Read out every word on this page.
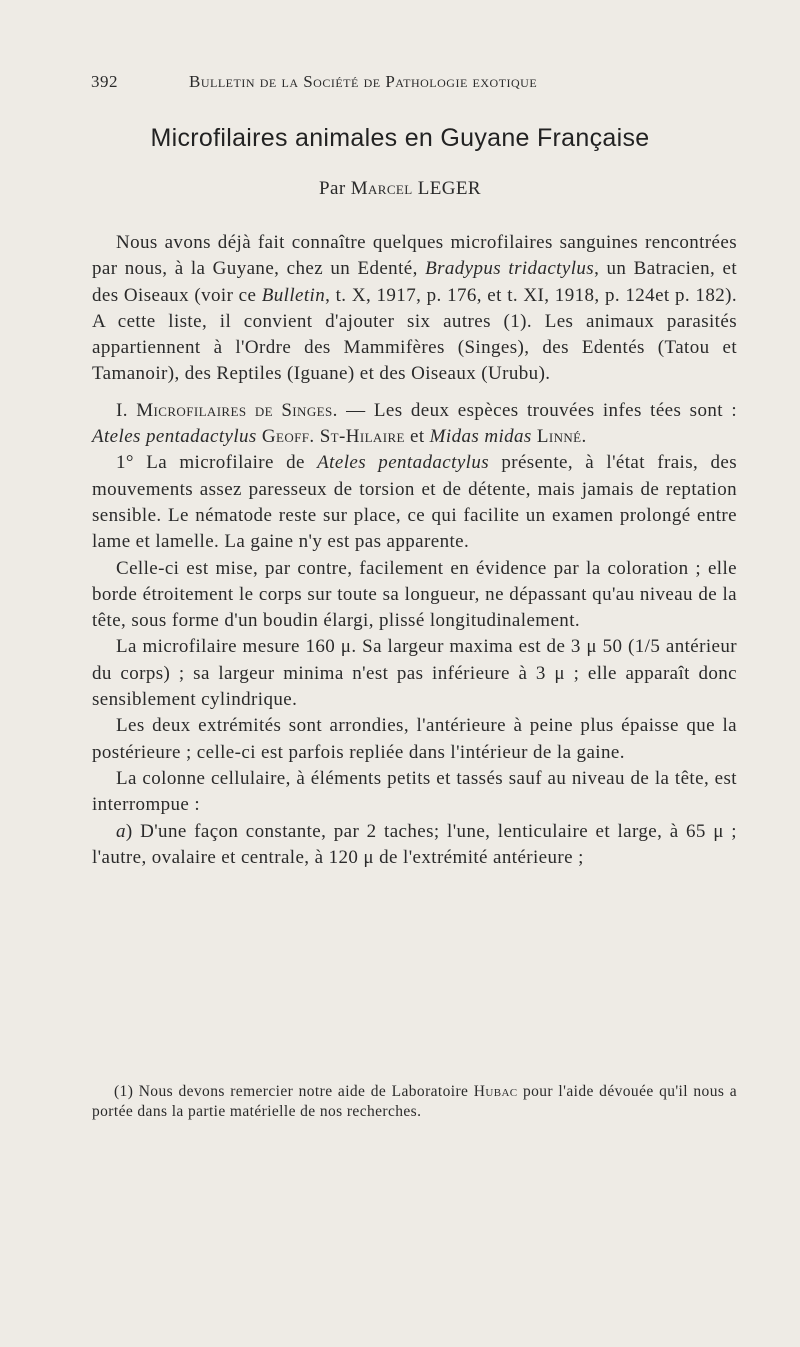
392	Bulletin de la Société de Pathologie exotique
Microfilaires animales en Guyane Française
Par Marcel LEGER

Nous avons déjà fait connaître quelques microfilaires sanguines rencontrées par nous, à la Guyane, chez un Edenté, Bradypus tridactylus, un Batracien, et des Oiseaux (voir ce Bulletin, t. X, 1917, p. 176, et t. XI, 1918, p. 124et p. 182). A cette liste, il convient d'ajouter six autres (1). Les animaux parasités appartiennent à l'Ordre des Mammifères (Singes), des Edentés (Tatou et Tamanoir), des Reptiles (Iguane) et des Oiseaux (Urubu).

I. Microfilaires de Singes. — Les deux espèces trouvées infes tées sont : Ateles pentadactylus Geoff. St-Hilaire et Midas midas Linné.

1° La microfilaire de Ateles pentadactylus présente, à l'état frais, des mouvements assez paresseux de torsion et de détente, mais jamais de reptation sensible. Le nématode reste sur place, ce qui facilite un examen prolongé entre lame et lamelle. La gaine n'y est pas apparente.

Celle-ci est mise, par contre, facilement en évidence par la coloration ; elle borde étroitement le corps sur toute sa longueur, ne dépassant qu'au niveau de la tête, sous forme d'un boudin élargi, plissé longitudinalement.

La microfilaire mesure 160 μ. Sa largeur maxima est de 3 μ 50 (1/5 antérieur du corps) ; sa largeur minima n'est pas inférieure à 3 μ ; elle apparaît donc sensiblement cylindrique.

Les deux extrémités sont arrondies, l'antérieure à peine plus épaisse que la postérieure ; celle-ci est parfois repliée dans l'intérieur de la gaine.

La colonne cellulaire, à éléments petits et tassés sauf au niveau de la tête, est interrompue :

a) D'une façon constante, par 2 taches; l'une, lenticulaire et large, à 65 μ ; l'autre, ovalaire et centrale, à 120 μ de l'extrémité antérieure ;

(1) Nous devons remercier notre aide de Laboratoire Hubac pour l'aide dévouée qu'il nous a portée dans la partie matérielle de nos recherches.
